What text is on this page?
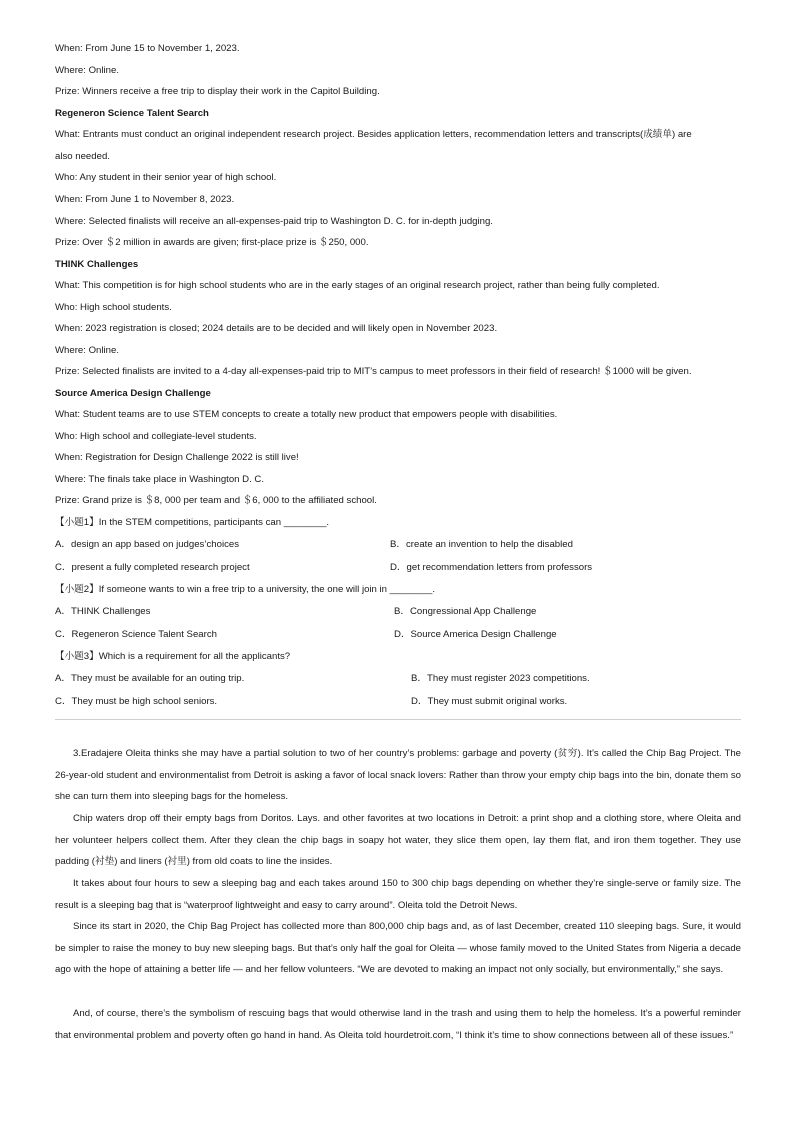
When: From June 15 to November 1, 2023.
Where: Online.
Prize: Winners receive a free trip to display their work in the Capitol Building.
Regeneron Science Talent Search
What: Entrants must conduct an original independent research project. Besides application letters, recommendation letters and transcripts(成绩单) are
also needed.
Who: Any student in their senior year of high school.
When: From June 1 to November 8, 2023.
Where: Selected finalists will receive an all-expenses-paid trip to Washington D. C. for in-depth judging.
Prize: Over ＄2 million in awards are given; first-place prize is ＄250, 000.
THINK Challenges
What: This competition is for high school students who are in the early stages of an original research project, rather than being fully completed.
Who: High school students.
When: 2023 registration is closed; 2024 details are to be decided and will likely open in November 2023.
Where: Online.
Prize: Selected finalists are invited to a 4-day all-expenses-paid trip to MIT’s campus to meet professors in their field of research! ＄1000 will be given.
Source America Design Challenge
What: Student teams are to use STEM concepts to create a totally new product that empowers people with disabilities.
Who: High school and collegiate-level students.
When: Registration for Design Challenge 2022 is still live!
Where: The finals take place in Washington D. C.
Prize: Grand prize is ＄8, 000 per team and ＄6, 000 to the affiliated school.
【小题1】In the STEM competitions, participants can ________.
A．design an app based on judges’choices	B．create an invention to help the disabled
C．present a fully completed research project	D．get recommendation letters from professors
【小题2】If someone wants to win a free trip to a university, the one will join in ________.
A．THINK Challenges	B．Congressional App Challenge
C．Regeneron Science Talent Search	D．Source America Design Challenge
【小题3】Which is a requirement for all the applicants?
A．They must be available for an outing trip.	B．They must register 2023 competitions.
C．They must be high school seniors.	D．They must submit original works.
3.Eradajere Oleita thinks she may have a partial solution to two of her country’s problems: garbage and poverty (贫穷). It’s called the Chip Bag Project. The 26-year-old student and environmentalist from Detroit is asking a favor of local snack lovers: Rather than throw your empty chip bags into the bin, donate them so she can turn them into sleeping bags for the homeless.
Chip waters drop off their empty bags from Doritos. Lays. and other favorites at two locations in Detroit: a print shop and a clothing store, where Oleita and her volunteer helpers collect them. After they clean the chip bags in soapy hot water, they slice them open, lay them flat, and iron them together. They use padding (衬垫) and liners (衬里) from old coats to line the insides.
It takes about four hours to sew a sleeping bag and each takes around 150 to 300 chip bags depending on whether they’re single-serve or family size. The result is a sleeping bag that is “waterproof lightweight and easy to carry around”. Oleita told the Detroit News.
Since its start in 2020, the Chip Bag Project has collected more than 800,000 chip bags and, as of last December, created 110 sleeping bags. Sure, it would be simpler to raise the money to buy new sleeping bags. But that’s only half the goal for Oleita — whose family moved to the United States from Nigeria a decade ago with the hope of attaining a better life — and her fellow volunteers. “We are devoted to making an impact not only socially, but environmentally,” she says.
And, of course, there’s the symbolism of rescuing bags that would otherwise land in the trash and using them to help the homeless. It’s a powerful reminder that environmental problem and poverty often go hand in hand. As Oleita told hourdetroit.com, “I think it’s time to show connections between all of these issues.”
